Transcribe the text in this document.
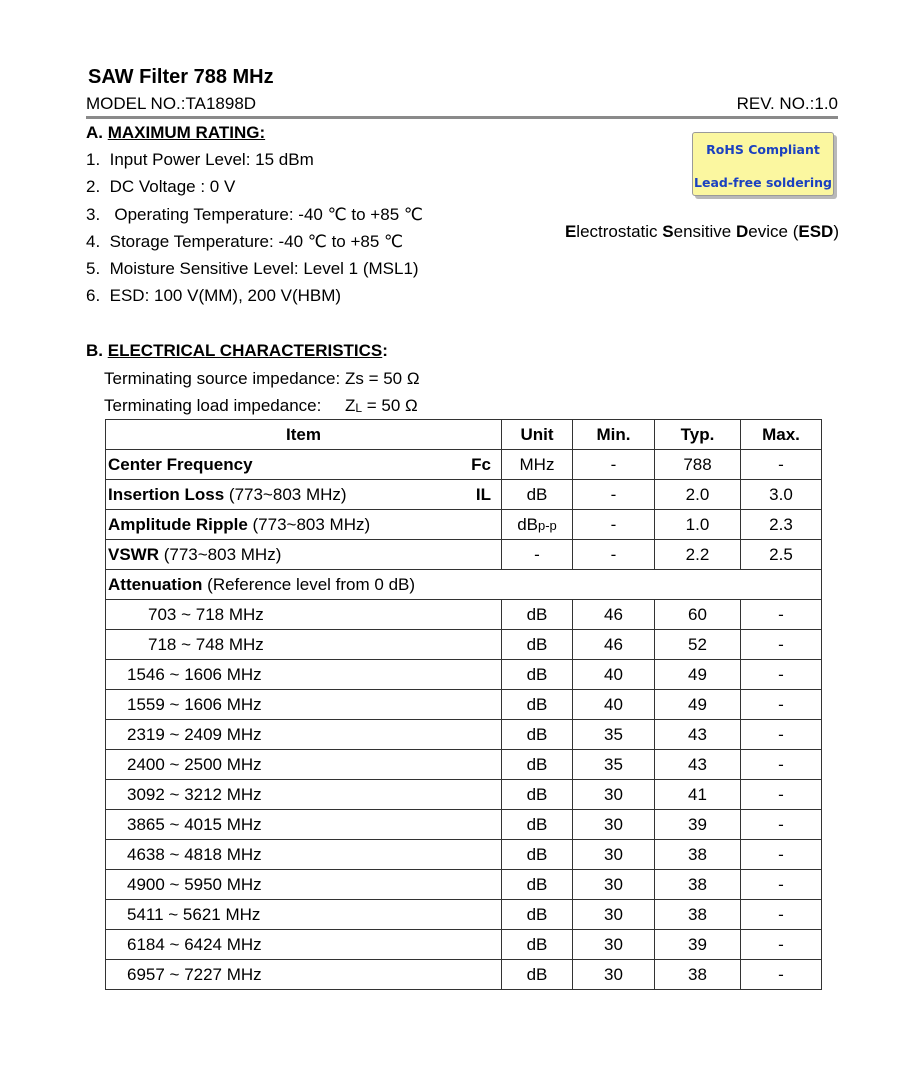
SAW Filter 788 MHz
MODEL NO.:TA1898D	REV. NO.:1.0
A. MAXIMUM RATING:
1.  Input Power Level: 15 dBm
2.  DC Voltage : 0 V
3.   Operating Temperature: -40 ℃ to +85 ℃
4.  Storage Temperature: -40 ℃ to +85 ℃
5.  Moisture Sensitive Level: Level 1 (MSL1)
6.  ESD: 100 V(MM), 200 V(HBM)
RoHS Compliant
Lead-free soldering
Electrostatic Sensitive Device (ESD)
B. ELECTRICAL CHARACTERISTICS:
Terminating source impedance: Zs = 50 Ω
Terminating load impedance:     $Z_L = 50$ Ω
Item	Unit	Min.	Typ.	Max.
Center Frequency Fc	MHz	-	788	-
Insertion Loss (773~803 MHz) IL	dB	-	2.0	3.0
Amplitude Ripple (773~803 MHz)	dBp-p	-	1.0	2.3
VSWR (773~803 MHz)	-	-	2.2	2.5
Attenuation (Reference level from 0 dB)				
703 ~ 718 MHz	dB	46	60	-
718 ~ 748 MHz	dB	46	52	-
1546 ~ 1606 MHz	dB	40	49	-
1559 ~ 1606 MHz	dB	40	49	-
2319 ~ 2409 MHz	dB	35	43	-
2400 ~ 2500 MHz	dB	35	43	-
3092 ~ 3212 MHz	dB	30	41	-
3865 ~ 4015 MHz	dB	30	39	-
4638 ~ 4818 MHz	dB	30	38	-
4900 ~ 5950 MHz	dB	30	38	-
5411 ~ 5621 MHz	dB	30	38	-
6184 ~ 6424 MHz	dB	30	39	-
6957 ~ 7227 MHz	dB	30	38	-
